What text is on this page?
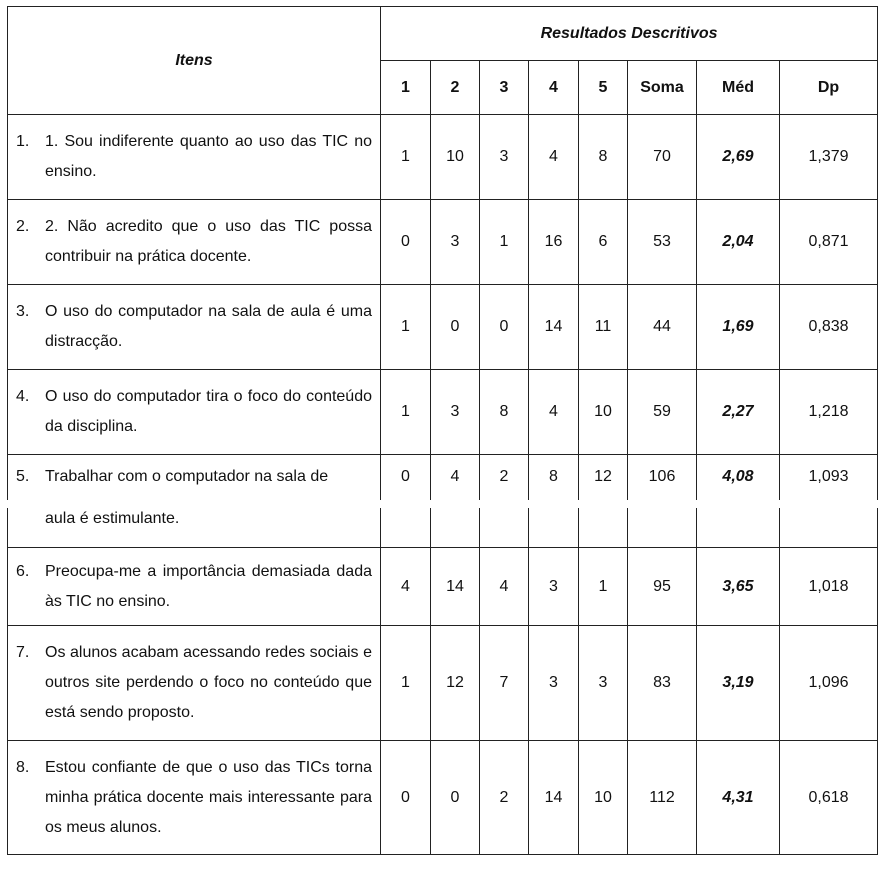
Itens	Resultados Descritivos							
	1	2	3	4	5	Soma	Méd	Dp

1. 1. Sou indiferente quanto ao uso das TIC no ensino.	1	10	3	4	8	70	2,69	1,379

2. 2. Não acredito que o uso das TIC possa contribuir na prática docente.	0	3	1	16	6	53	2,04	0,871

3. O uso do computador na sala de aula é uma distracção.	1	0	0	14	11	44	1,69	0,838

4. O uso do computador tira o foco do conteúdo da disciplina.	1	3	8	4	10	59	2,27	1,218

5. Trabalhar com o computador na sala de	0	4	2	8	12	106	4,08	1,093

aula é estimulante.								

6. Preocupa-me a importância demasiada dada às TIC no ensino.	4	14	4	3	1	95	3,65	1,018

7. Os alunos acabam acessando redes sociais e outros site perdendo o foco no conteúdo que está sendo proposto.	1	12	7	3	3	83	3,19	1,096

8. Estou confiante de que o uso das TICs torna minha prática docente mais interessante para os meus alunos.	0	0	2	14	10	112	4,31	0,618
